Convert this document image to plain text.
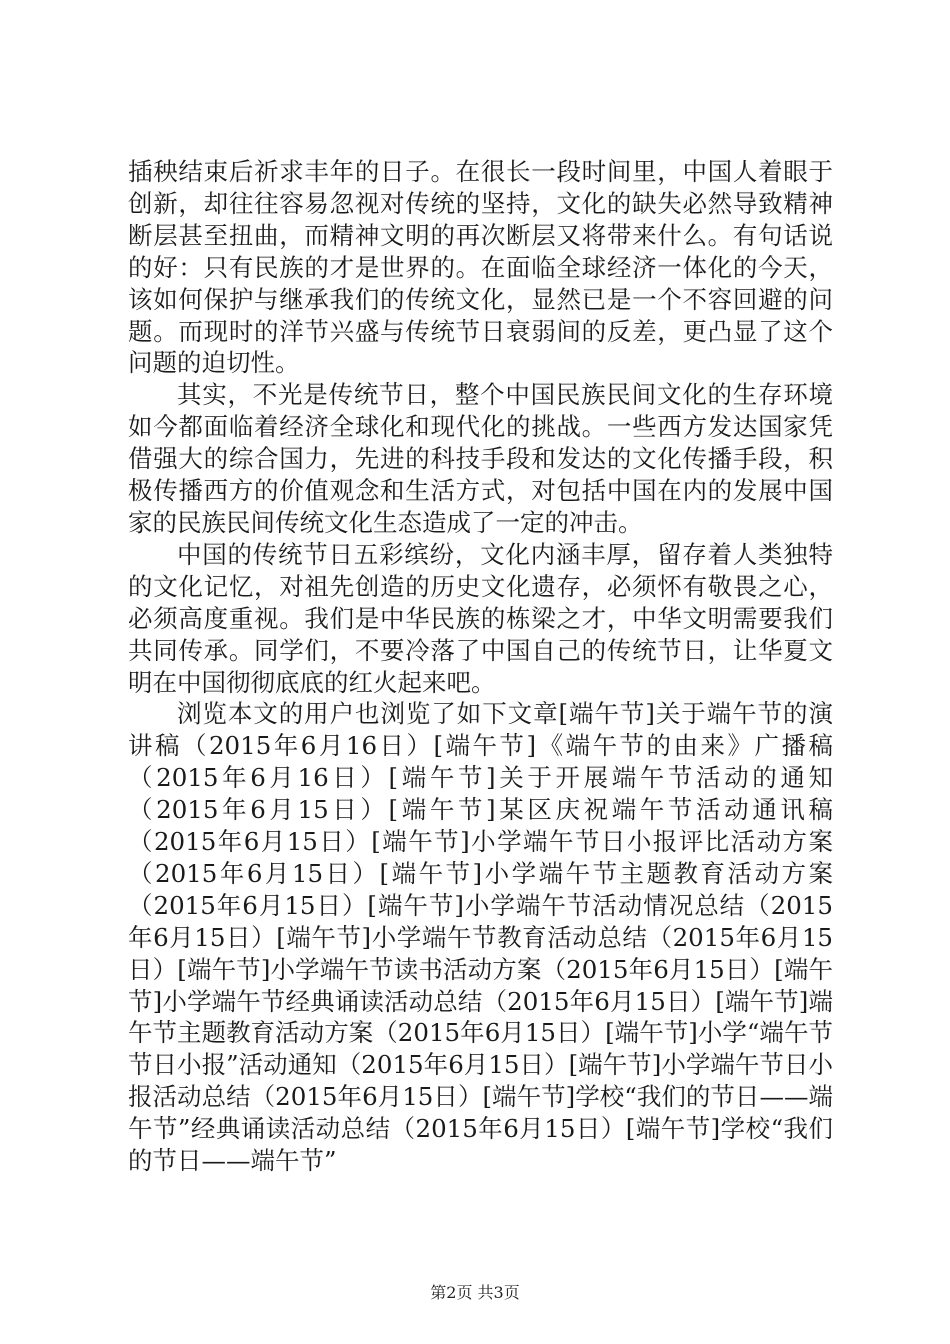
插秧结束后祈求丰年的日子。在很长一段时间里，中国人着眼于创新，却往往容易忽视对传统的坚持，文化的缺失必然导致精神断层甚至扭曲，而精神文明的再次断层又将带来什么。有句话说的好：只有民族的才是世界的。在面临全球经济一体化的今天，该如何保护与继承我们的传统文化，显然已是一个不容回避的问题。而现时的洋节兴盛与传统节日衰弱间的反差，更凸显了这个问题的迫切性。

其实，不光是传统节日，整个中国民族民间文化的生存环境如今都面临着经济全球化和现代化的挑战。一些西方发达国家凭借强大的综合国力，先进的科技手段和发达的文化传播手段，积极传播西方的价值观念和生活方式，对包括中国在内的发展中国家的民族民间传统文化生态造成了一定的冲击。

中国的传统节日五彩缤纷，文化内涵丰厚，留存着人类独特的文化记忆，对祖先创造的历史文化遗存，必须怀有敬畏之心，必须高度重视。我们是中华民族的栋梁之才，中华文明需要我们共同传承。同学们，不要冷落了中国自己的传统节日，让华夏文明在中国彻彻底底的红火起来吧。

浏览本文的用户也浏览了如下文章[端午节]关于端午节的演讲稿（2015年6月16日）[端午节]《端午节的由来》广播稿（2015年6月16日）[端午节]关于开展端午节活动的通知（2015年6月15日）[端午节]某区庆祝端午节活动通讯稿（2015年6月15日）[端午节]小学端午节日小报评比活动方案（2015年6月15日）[端午节]小学端午节主题教育活动方案（2015年6月15日）[端午节]小学端午节活动情况总结（2015年6月15日）[端午节]小学端午节教育活动总结（2015年6月15日）[端午节]小学端午节读书活动方案（2015年6月15日）[端午节]小学端午节经典诵读活动总结（2015年6月15日）[端午节]端午节主题教育活动方案（2015年6月15日）[端午节]小学“端午节节日小报”活动通知（2015年6月15日）[端午节]小学端午节日小报活动总结（2015年6月15日）[端午节]学校“我们的节日——端午节”经典诵读活动总结（2015年6月15日）[端午节]学校“我们的节日——端午节”

第2页 共3页
